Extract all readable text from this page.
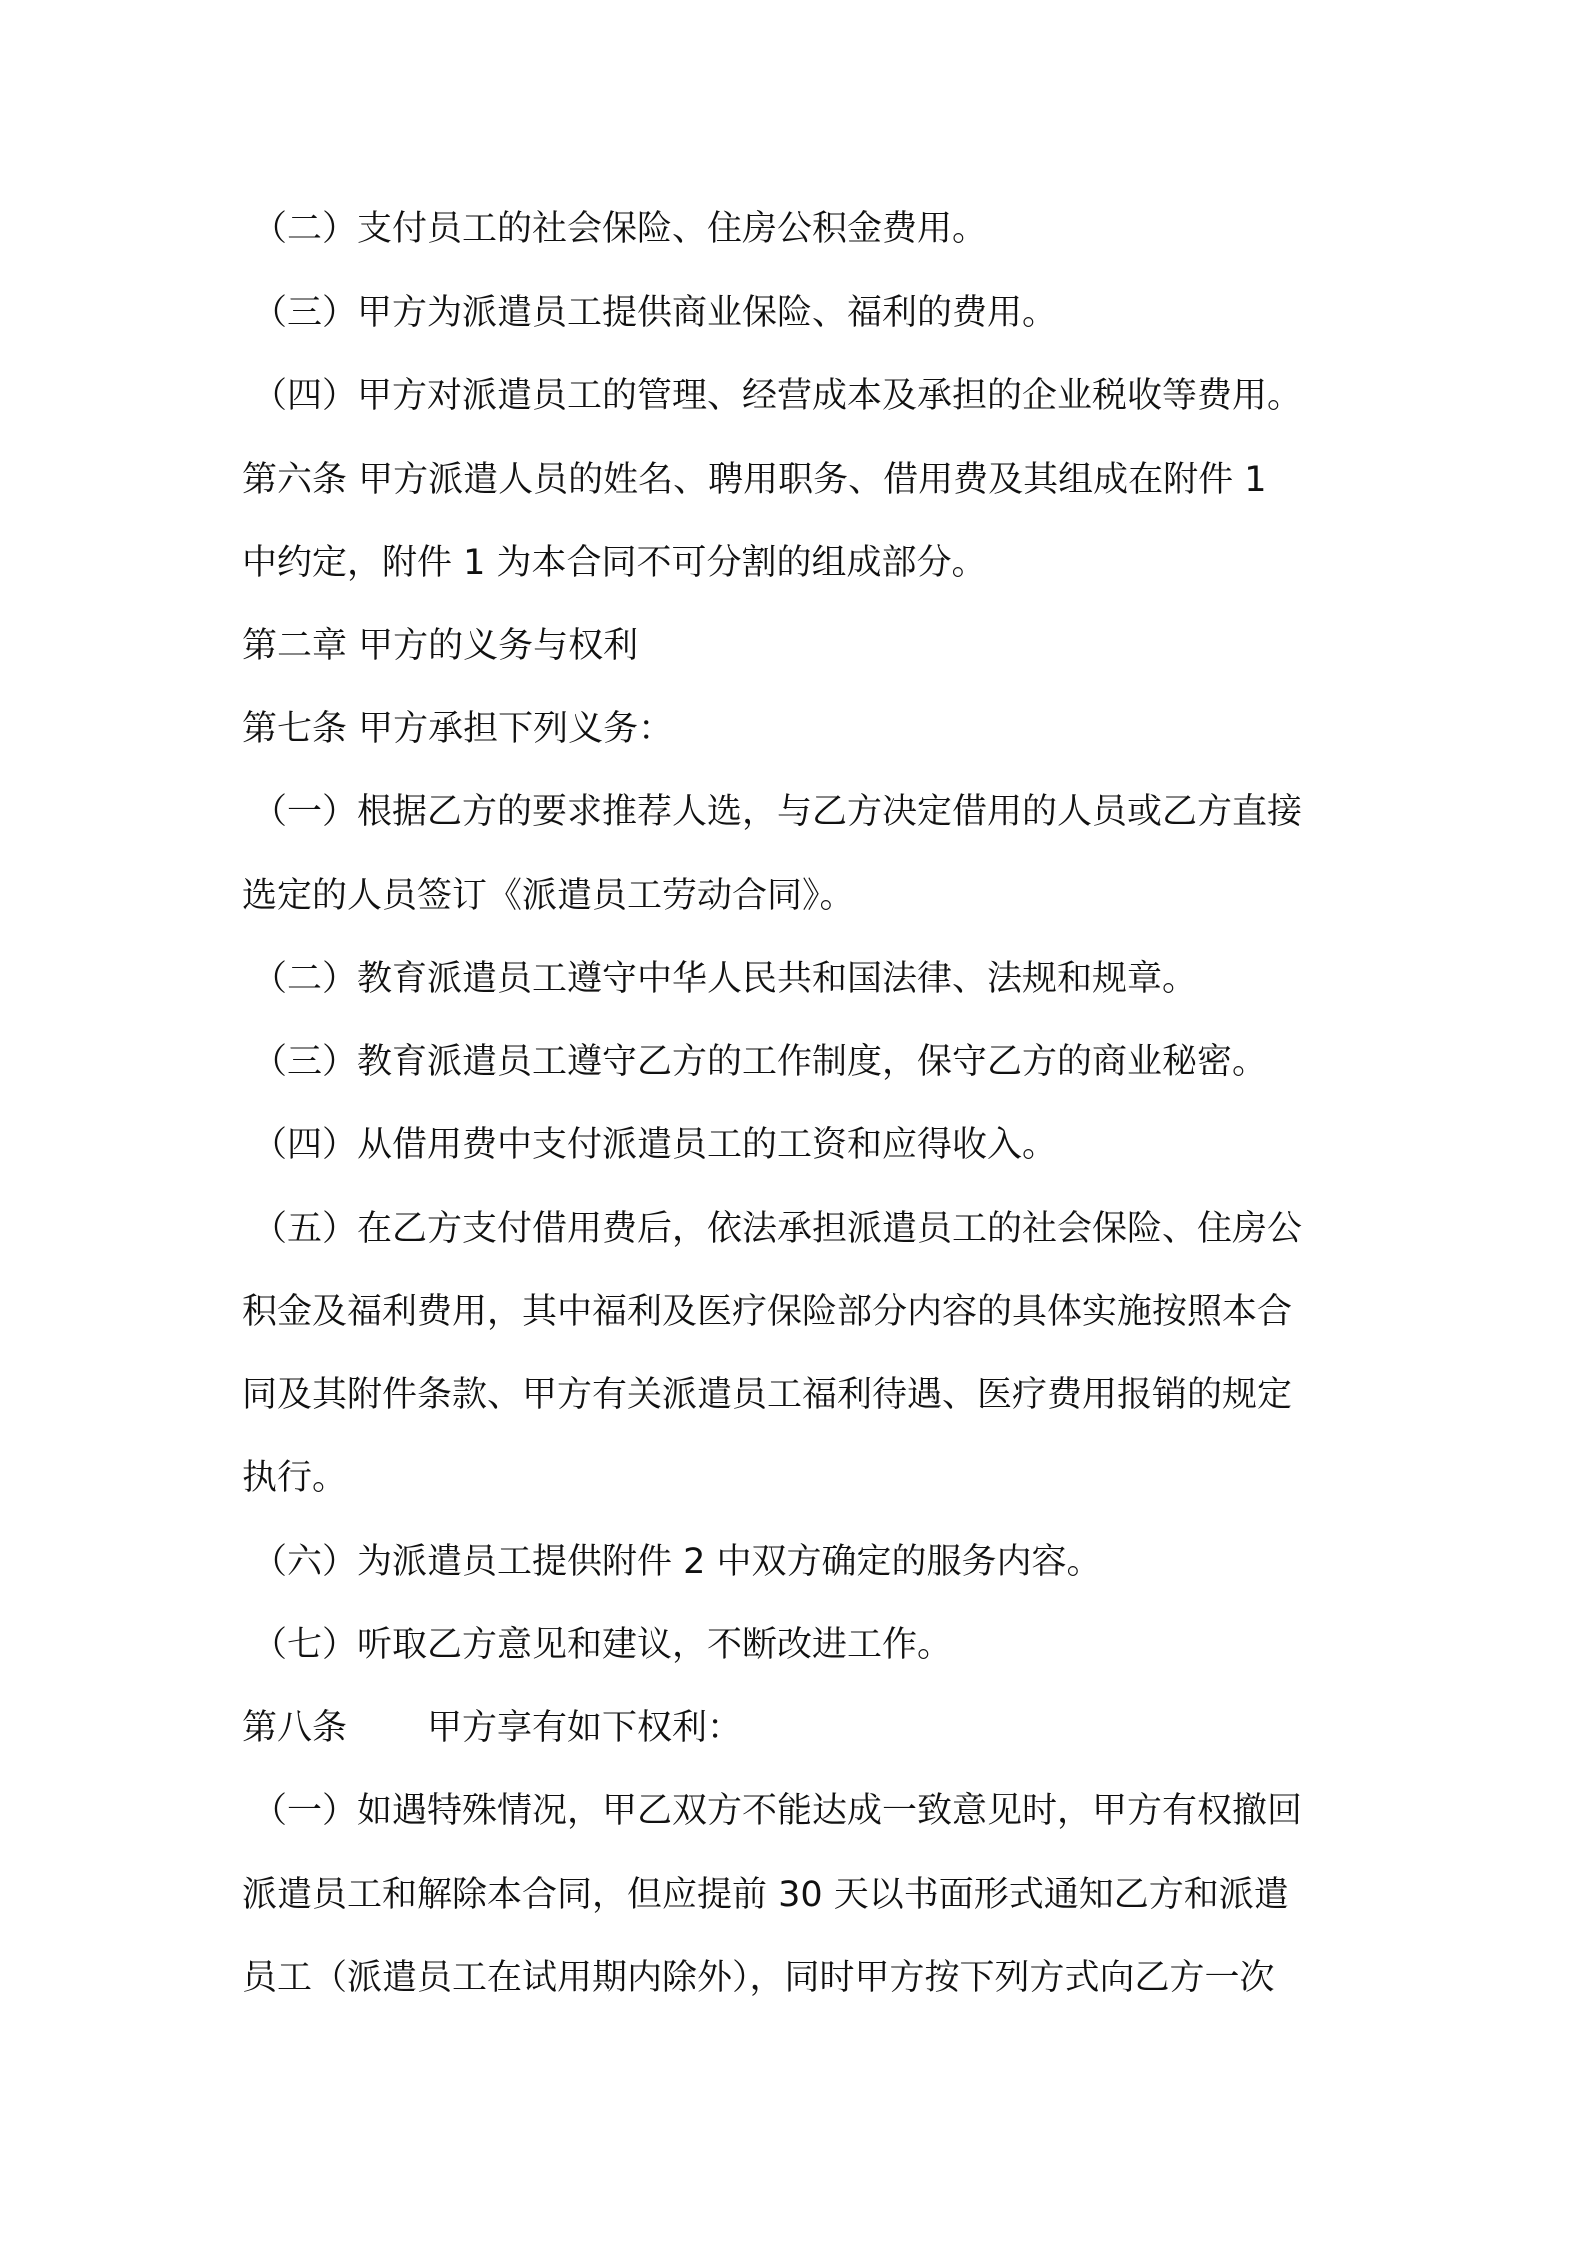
（二）支付员工的社会保险、住房公积金费用。
（三）甲方为派遣员工提供商业保险、福利的费用。
（四）甲方对派遣员工的管理、经营成本及承担的企业税收等费用。
第六条 甲方派遣人员的姓名、聘用职务、借用费及其组成在附件 1
中约定，附件 1 为本合同不可分割的组成部分。
第二章 甲方的义务与权利
第七条 甲方承担下列义务：
（一）根据乙方的要求推荐人选，与乙方决定借用的人员或乙方直接
选定的人员签订《派遣员工劳动合同》。
（二）教育派遣员工遵守中华人民共和国法律、法规和规章。
（三）教育派遣员工遵守乙方的工作制度，保守乙方的商业秘密。
（四）从借用费中支付派遣员工的工资和应得收入。
（五）在乙方支付借用费后，依法承担派遣员工的社会保险、住房公
积金及福利费用，其中福利及医疗保险部分内容的具体实施按照本合
同及其附件条款、甲方有关派遣员工福利待遇、医疗费用报销的规定
执行。
（六）为派遣员工提供附件 2 中双方确定的服务内容。
（七）听取乙方意见和建议，不断改进工作。
第八条 甲方享有如下权利：
（一）如遇特殊情况，甲乙双方不能达成一致意见时，甲方有权撤回
派遣员工和解除本合同，但应提前 30 天以书面形式通知乙方和派遣
员工（派遣员工在试用期内除外），同时甲方按下列方式向乙方一次
